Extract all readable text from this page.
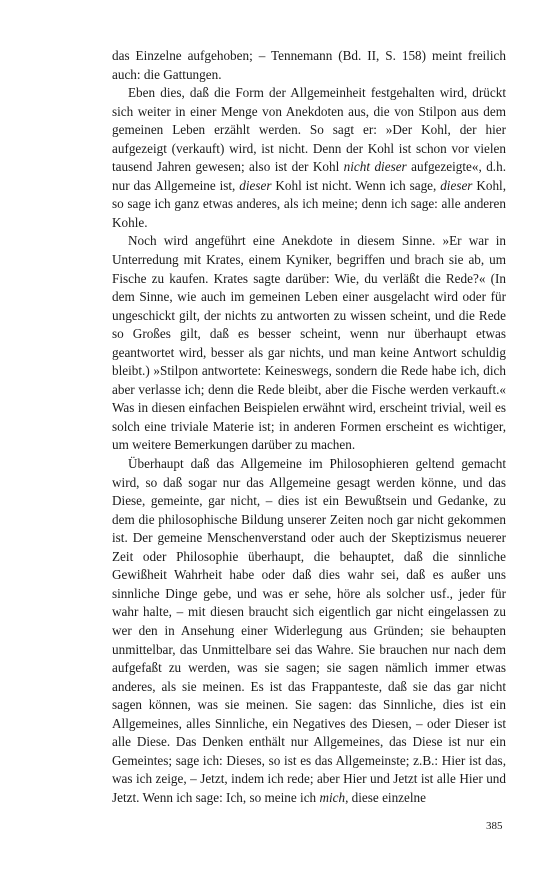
das Einzelne aufgehoben; – Tennemann (Bd. II, S. 158) meint freilich auch: die Gattungen.

Eben dies, daß die Form der Allgemeinheit festgehalten wird, drückt sich weiter in einer Menge von Anekdoten aus, die von Stilpon aus dem gemeinen Leben erzählt werden. So sagt er: »Der Kohl, der hier aufgezeigt (verkauft) wird, ist nicht. Denn der Kohl ist schon vor vielen tausend Jahren gewesen; also ist der Kohl nicht dieser aufgezeigte«, d.h. nur das Allgemeine ist, dieser Kohl ist nicht. Wenn ich sage, dieser Kohl, so sage ich ganz etwas anderes, als ich meine; denn ich sage: alle anderen Kohle.

Noch wird angeführt eine Anekdote in diesem Sinne. »Er war in Unterredung mit Krates, einem Kyniker, begriffen und brach sie ab, um Fische zu kaufen. Krates sagte darüber: Wie, du verläßt die Rede?« (In dem Sinne, wie auch im gemeinen Leben einer ausgelacht wird oder für ungeschickt gilt, der nichts zu antworten zu wissen scheint, und die Rede so Großes gilt, daß es besser scheint, wenn nur überhaupt etwas geantwortet wird, besser als gar nichts, und man keine Antwort schuldig bleibt.) »Stilpon antwortete: Keineswegs, sondern die Rede habe ich, dich aber verlasse ich; denn die Rede bleibt, aber die Fische werden verkauft.« Was in diesen einfachen Beispielen erwähnt wird, erscheint trivial, weil es solch eine triviale Materie ist; in anderen Formen erscheint es wichtiger, um weitere Bemerkungen darüber zu machen.

Überhaupt daß das Allgemeine im Philosophieren geltend gemacht wird, so daß sogar nur das Allgemeine gesagt werden könne, und das Diese, gemeinte, gar nicht, – dies ist ein Bewußtsein und Gedanke, zu dem die philosophische Bildung unserer Zeiten noch gar nicht gekommen ist. Der gemeine Menschenverstand oder auch der Skeptizismus neuerer Zeit oder Philosophie überhaupt, die behauptet, daß die sinnliche Gewißheit Wahrheit habe oder daß dies wahr sei, daß es außer uns sinnliche Dinge gebe, und was er sehe, höre als solcher usf., jeder für wahr halte, – mit diesen braucht sich eigentlich gar nicht eingelassen zu wer den in Ansehung einer Widerlegung aus Gründen; sie behaupten unmittelbar, das Unmittelbare sei das Wahre. Sie brauchen nur nach dem aufgefaßt zu werden, was sie sagen; sie sagen nämlich immer etwas anderes, als sie meinen. Es ist das Frappanteste, daß sie das gar nicht sagen können, was sie meinen. Sie sagen: das Sinnliche, dies ist ein Allgemeines, alles Sinnliche, ein Negatives des Diesen, – oder Dieser ist alle Diese. Das Denken enthält nur Allgemeines, das Diese ist nur ein Gemeintes; sage ich: Dieses, so ist es das Allgemeinste; z.B.: Hier ist das, was ich zeige, – Jetzt, indem ich rede; aber Hier und Jetzt ist alle Hier und Jetzt. Wenn ich sage: Ich, so meine ich mich, diese einzelne

385
